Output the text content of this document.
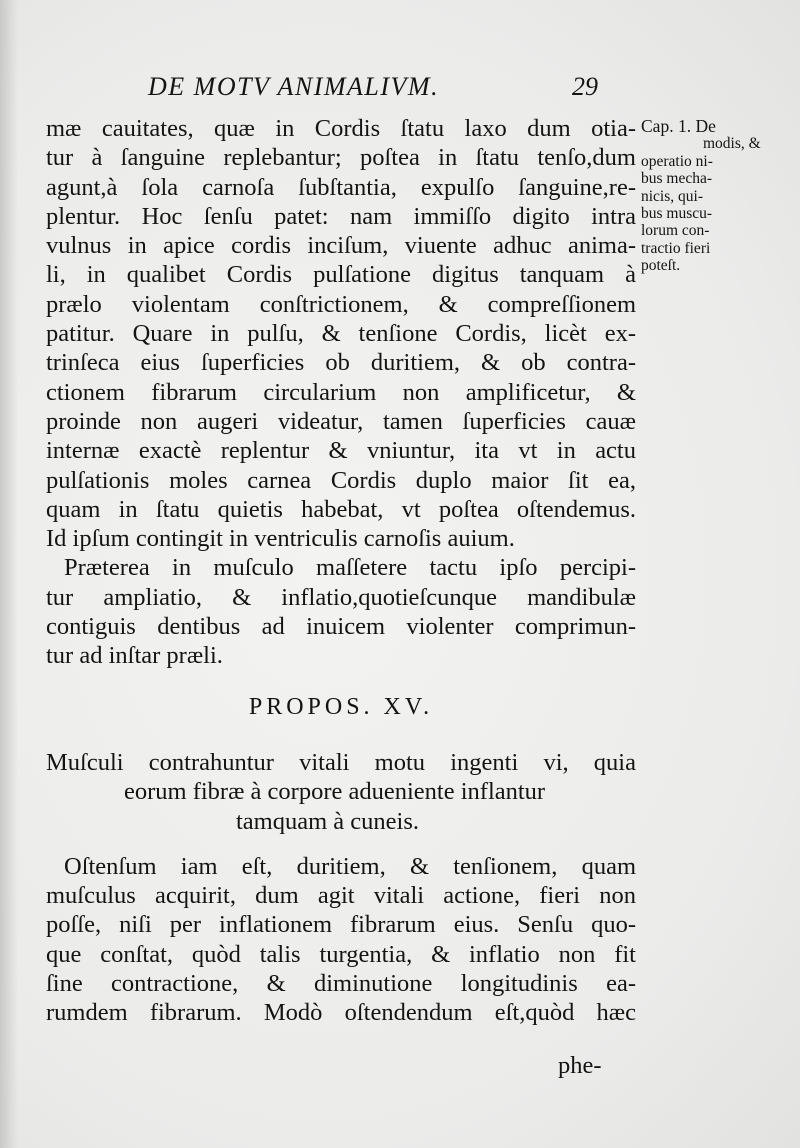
DE MOTV ANIMALIVM.	29
Cap. 1. De
modis, &
operatio ni-
bus mecha-
nicis, qui-
bus muscu-
lorum con-
tractio fieri
poteſt.
mæ cauitates, quæ in Cordis ſtatu laxo dum otia-
tur à ſanguine replebantur; poſtea in ſtatu tenſo,dum
agunt,à ſola carnoſa ſubſtantia, expulſo ſanguine,re-
plentur. Hoc ſenſu patet: nam immiſſo digito intra
vulnus in apice cordis inciſum, viuente adhuc anima-
li, in qualibet Cordis pulſatione digitus tanquam à
prælo violentam conſtrictionem, & compreſſionem
patitur. Quare in pulſu, & tenſione Cordis, licèt ex-
trinſeca eius ſuperficies ob duritiem, & ob contra-
ctionem fibrarum circularium non amplificetur, &
proinde non augeri videatur, tamen ſuperficies cauæ
internæ exactè replentur & vniuntur, ita vt in actu
pulſationis moles carnea Cordis duplo maior ſit ea,
quam in ſtatu quietis habebat, vt poſtea oſtendemus.
Id ipſum contingit in ventriculis carnoſis auium.
Præterea in muſculo maſſetere tactu ipſo percipi-
tur ampliatio, & inflatio,quotieſcunque mandibulæ
contiguis dentibus ad inuicem violenter comprimun-
tur ad inſtar præli.
PROPOS. XV.
Muſculi contrahuntur vitali motu ingenti vi, quia
eorum fibræ à corpore aduenientе inflantur
tamquam à cuneis.
Oſtenſum iam eſt, duritiem, & tenſionem, quam
muſculus acquirit, dum agit vitali actione, fieri non
poſſe, niſi per inflationem fibrarum eius. Senſu quo-
que conſtat, quòd talis turgentia, & inflatio non fit
ſine contractione, & diminutione longitudinis ea-
rumdem fibrarum. Modò oſtendendum eſt,quòd hæc
phe-
